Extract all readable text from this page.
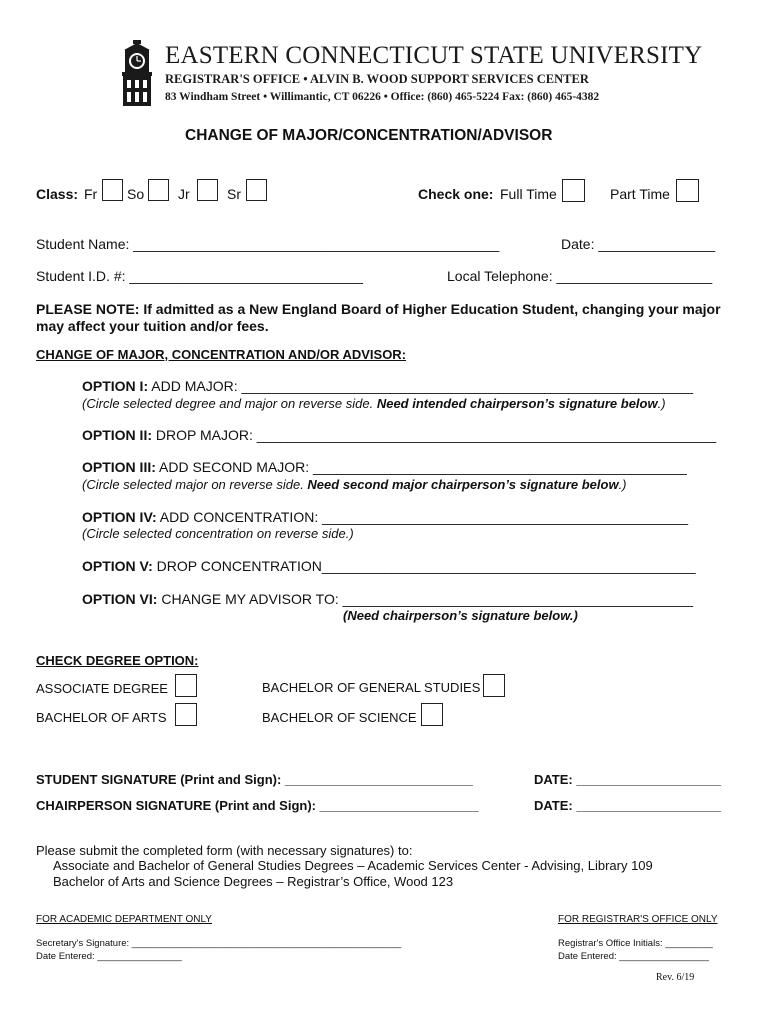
EASTERN CONNECTICUT STATE UNIVERSITY
REGISTRAR'S OFFICE • ALVIN B. WOOD SUPPORT SERVICES CENTER
83 Windham Street • Willimantic, CT 06226 • Office: (860) 465-5224 Fax: (860) 465-4382
CHANGE OF MAJOR/CONCENTRATION/ADVISOR
Class: Fr So Jr	Sr	Check one: Full Time	Part Time
Student Name: _______________________________________________	Date: _______________
Student I.D. #: ______________________________	Local Telephone: ____________________
PLEASE NOTE: If admitted as a New England Board of Higher Education Student, changing your major
may affect your tuition and/or fees.
CHANGE OF MAJOR, CONCENTRATION AND/OR ADVISOR:
OPTION I: ADD MAJOR: __________________________________________________________
(Circle selected degree and major on reverse side. Need intended chairperson’s signature below.)
OPTION II: DROP MAJOR: ___________________________________________________________
OPTION III: ADD SECOND MAJOR: ________________________________________________
(Circle selected major on reverse side. Need second major chairperson’s signature below.)
OPTION IV: ADD CONCENTRATION: _______________________________________________
(Circle selected concentration on reverse side.)
OPTION V: DROP CONCENTRATION________________________________________________
OPTION VI: CHANGE MY ADVISOR TO: _____________________________________________
(Need chairperson’s signature below.)
CHECK DEGREE OPTION:
ASSOCIATE DEGREE	BACHELOR OF GENERAL STUDIES
BACHELOR OF ARTS	BACHELOR OF SCIENCE
STUDENT SIGNATURE (Print and Sign): __________________________	DATE: ____________________
CHAIRPERSON SIGNATURE (Print and Sign): ______________________	DATE: ____________________
Please submit the completed form (with necessary signatures) to:
Associate and Bachelor of General Studies Degrees – Academic Services Center - Advising, Library 109
Bachelor of Arts and Science Degrees – Registrar’s Office, Wood 123
FOR ACADEMIC DEPARTMENT ONLY
Secretary's Signature: ___________________________________________________
Date Entered: ________________
FOR REGISTRAR'S OFFICE ONLY
Registrar's Office Initials: _________
Date Entered: _________________
Rev. 6/19
